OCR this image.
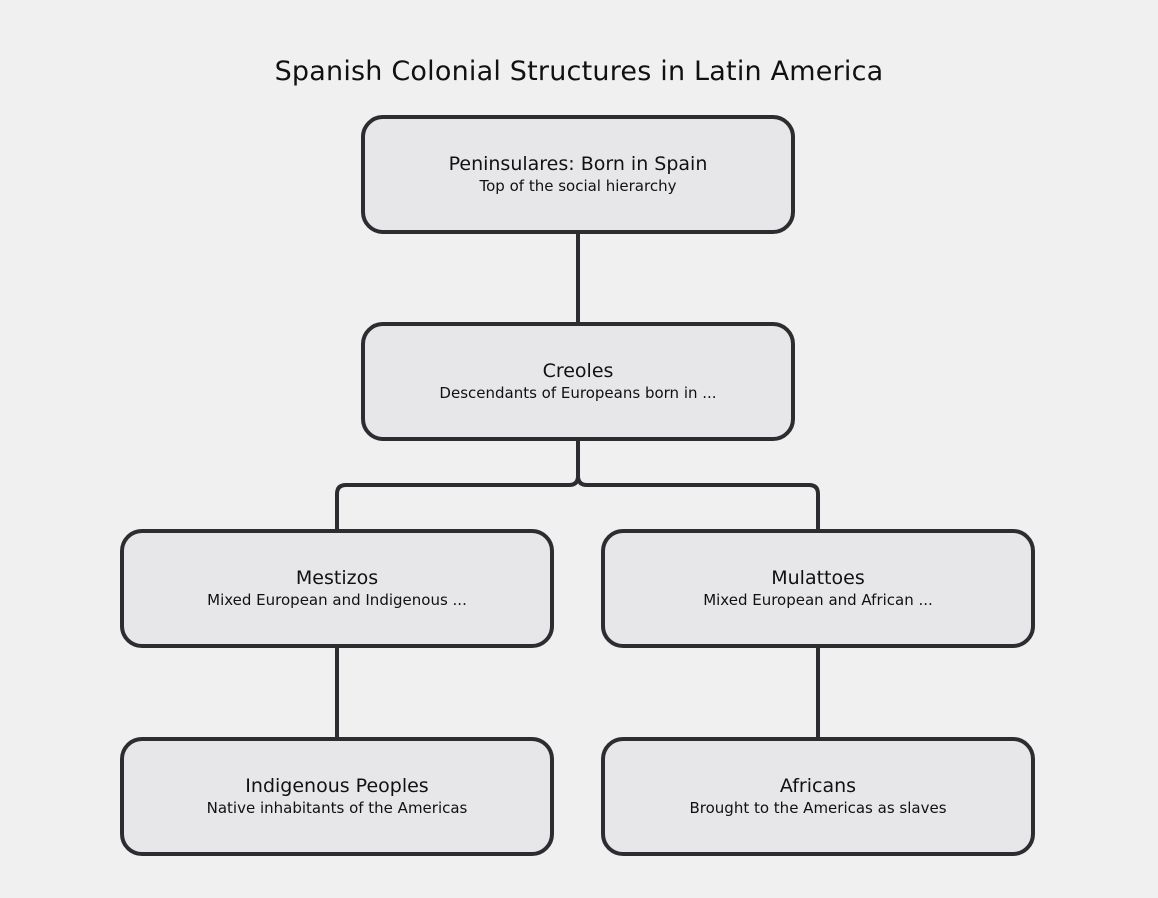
Spanish Colonial Structures in Latin America
Peninsulares: Born in Spain
Top of the social hierarchy
Creoles
Descendants of Europeans born in ...
Mestizos
Mixed European and Indigenous ...
Mulattoes
Mixed European and African ...
Indigenous Peoples
Native inhabitants of the Americas
Africans
Brought to the Americas as slaves
